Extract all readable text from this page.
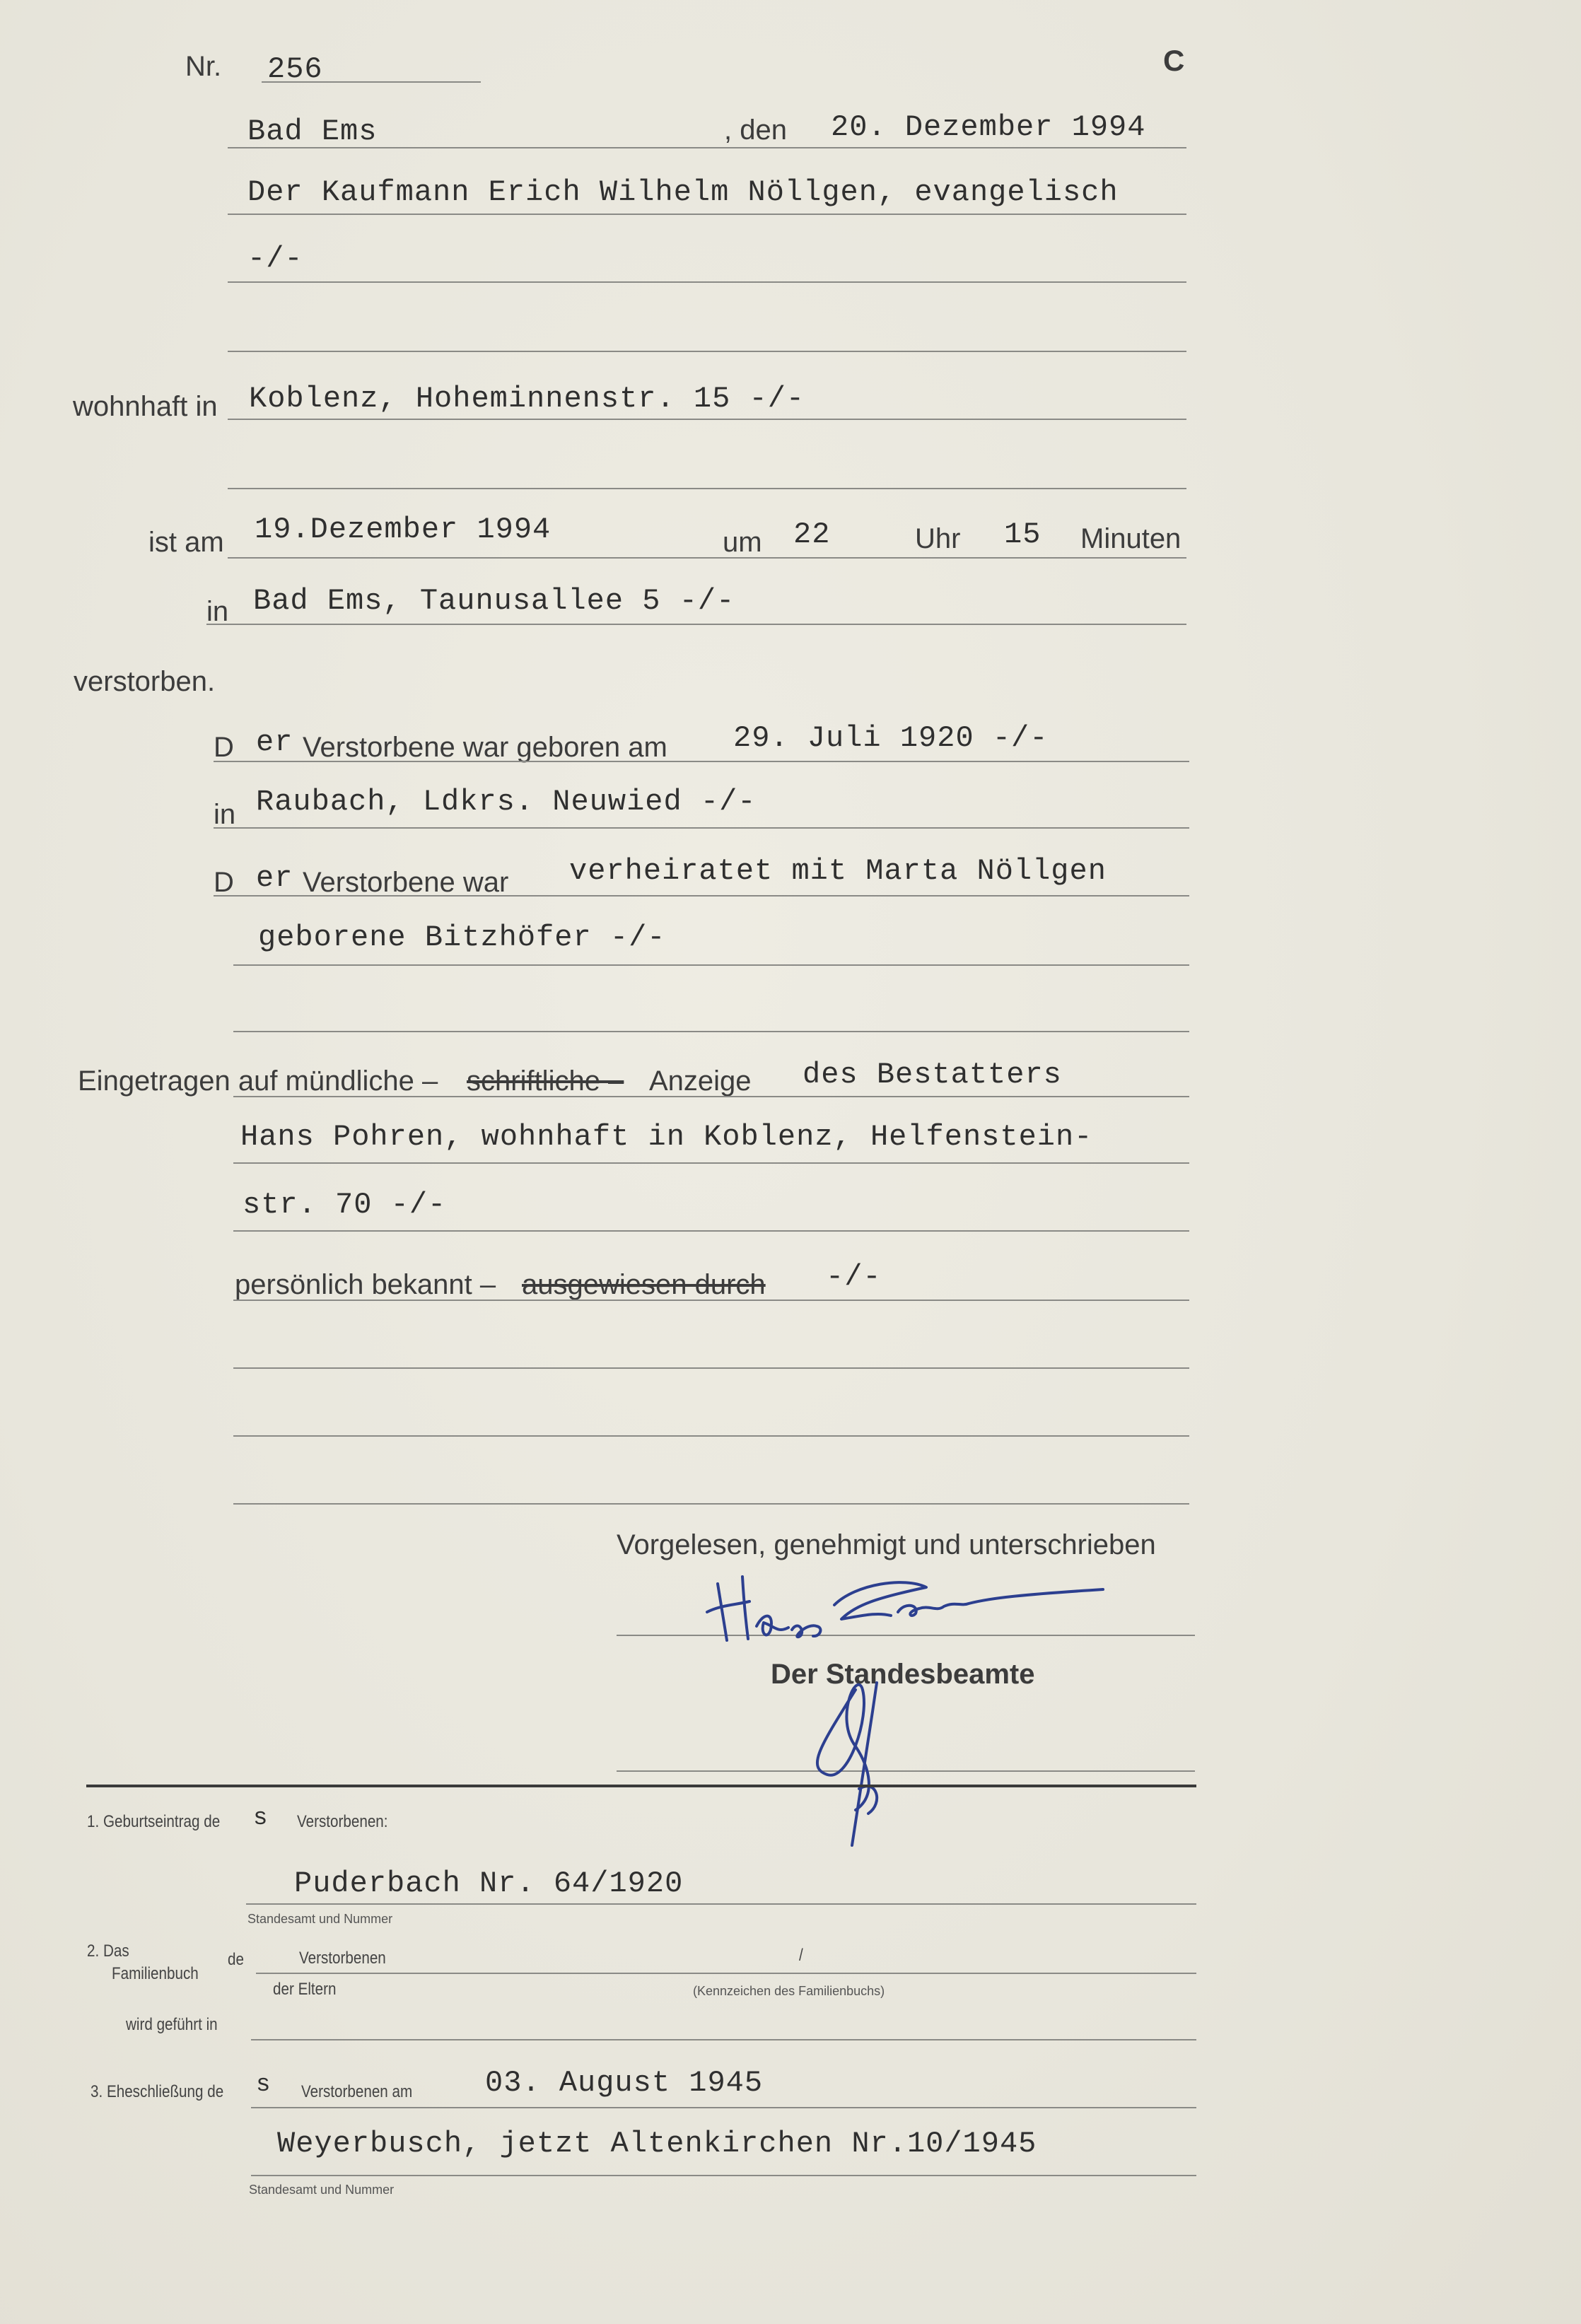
Nr. 256	C
Bad Ems	, den 20. Dezember 1994
Der Kaufmann Erich Wilhelm Nöllgen, evangelisch
-/-
wohnhaft in Koblenz, Hoheminnenstr. 15 -/-
ist am 19.Dezember 1994	um 22	Uhr 15 Minuten
in Bad Ems, Taunusallee 5 -/-
verstorben.
D er Verstorbene war geboren am 29. Juli 1920 -/-
in Raubach, Ldkrs. Neuwied -/-
D er Verstorbene war verheiratet mit Marta Nöllgen
geborene Bitzhöfer -/-
Eingetragen auf mündliche – schriftliche – Anzeige des Bestatters
Hans Pohren, wohnhaft in Koblenz, Helfenstein-
str. 70 -/-
persönlich bekannt – ausgewiesen durch -/-
Vorgelesen, genehmigt und unterschrieben
Der Standesbeamte
1. Geburtseintrag de s Verstorbenen:
Puderbach Nr. 64/1920
Standesamt und Nummer
2. Das
Familienbuch
de	Verstorbenen
der Eltern
/
(Kennzeichen des Familienbuchs)
wird geführt in
3. Eheschließung de s Verstorbenen am 03. August 1945
Weyerbusch, jetzt Altenkirchen Nr.10/1945
Standesamt und Nummer
